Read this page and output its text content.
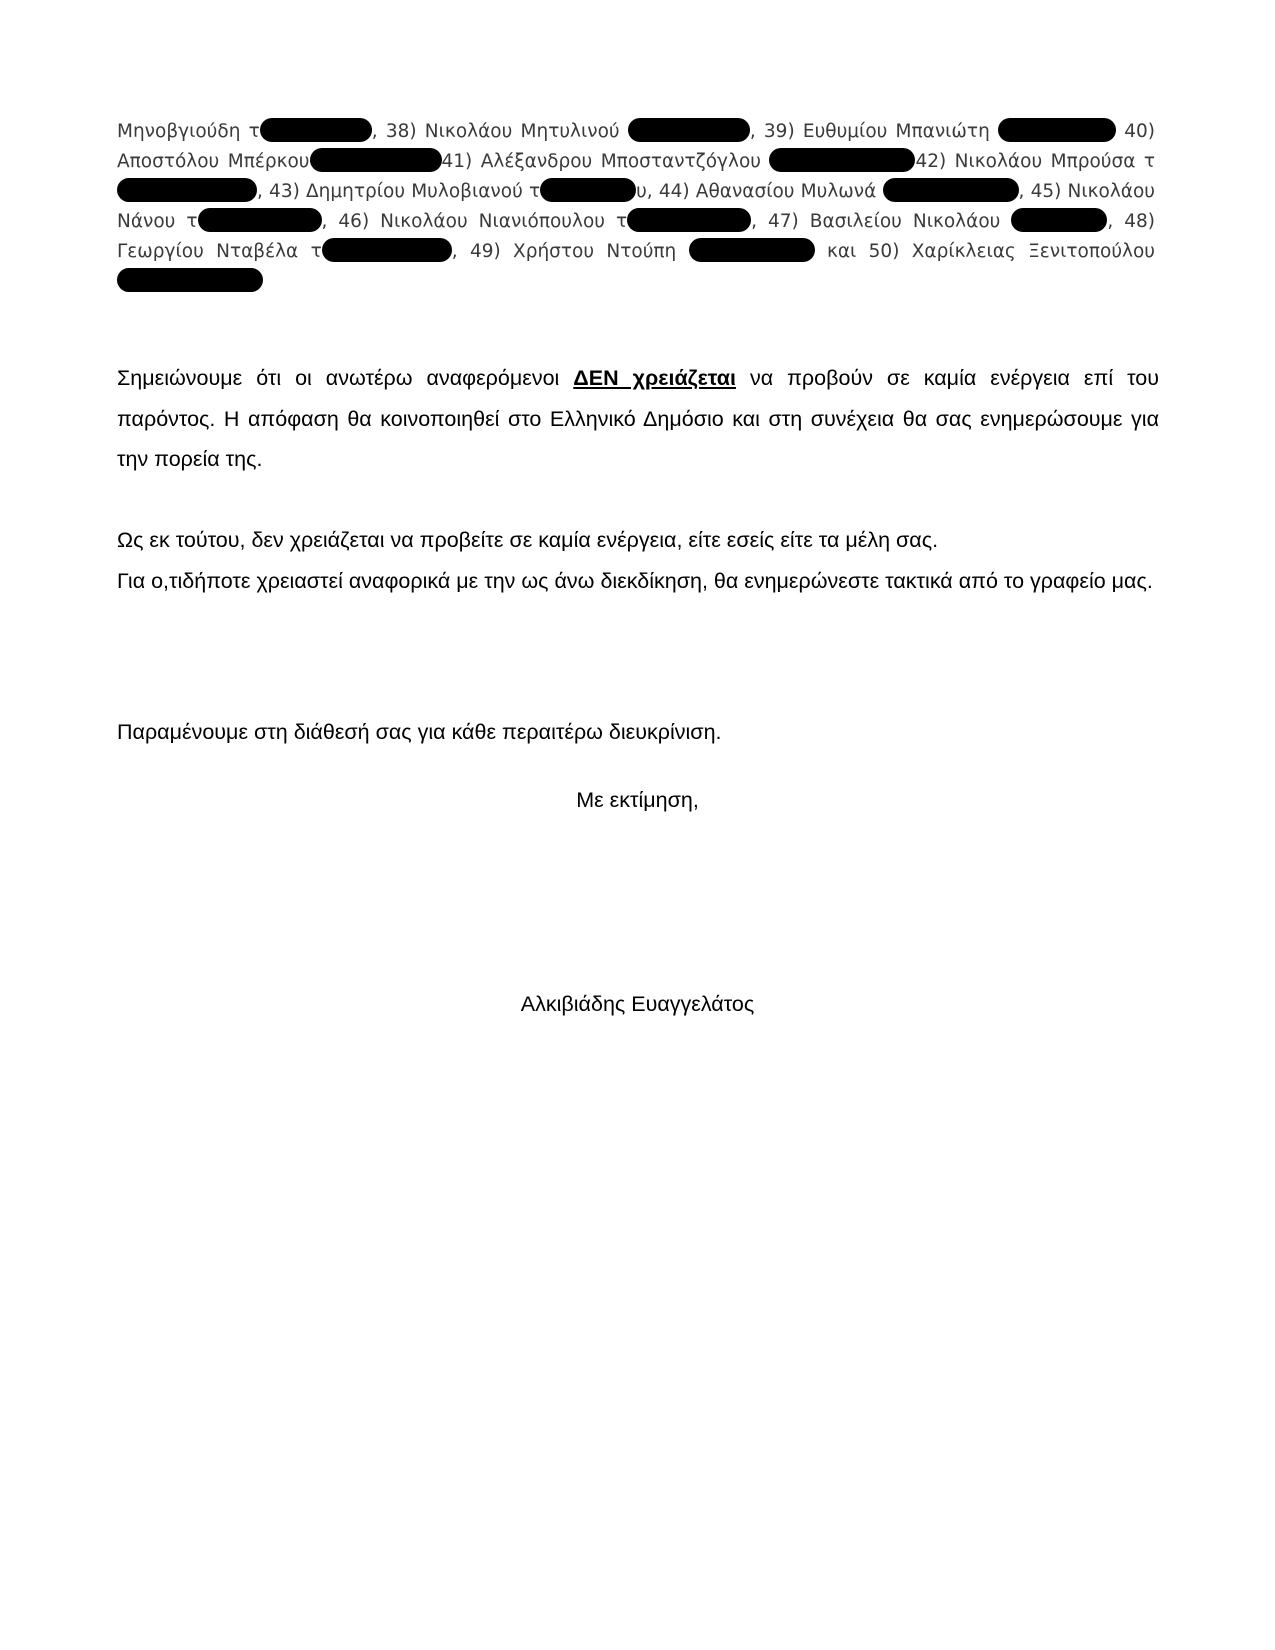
Μηνοβγιούδη τ	, 38) Νικολάου Μητυλινού	, 39) Ευθυμίου Μπανιώτη	40) Αποστόλου Μπέρκου	41) Αλέξανδρου Μποσταντζόγλου	42) Νικολάου Μπρούσα τ, 43) Δημητρίου Μυλοβιανού τ	υ, 44) Αθανασίου Μυλωνά	, 45) Νικολάου Νάνου τ	, 46) Νικολάου Νιανιόπουλου τ	, 47) Βασιλείου Νικολάου	, 48) Γεωργίου Νταβέλα τ	, 49) Χρήστου Ντούπη	και 50) Χαρίκλειας Ξενιτοπούλου

Σημειώνουμε ότι οι ανωτέρω αναφερόμενοι ΔΕΝ χρειάζεται να προβούν σε καμία ενέργεια επί του παρόντος. Η απόφαση θα κοινοποιηθεί στο Ελληνικό Δημόσιο και στη συνέχεια θα σας ενημερώσουμε για την πορεία της.

Ως εκ τούτου, δεν χρειάζεται να προβείτε σε καμία ενέργεια, είτε εσείς είτε τα μέλη σας.
Για ο,τιδήποτε χρειαστεί αναφορικά με την ως άνω διεκδίκηση, θα ενημερώνεστε τακτικά από το γραφείο μας.

Παραμένουμε στη διάθεσή σας για κάθε περαιτέρω διευκρίνιση.

Με εκτίμηση,
Αλκιβιάδης Ευαγγελάτος
